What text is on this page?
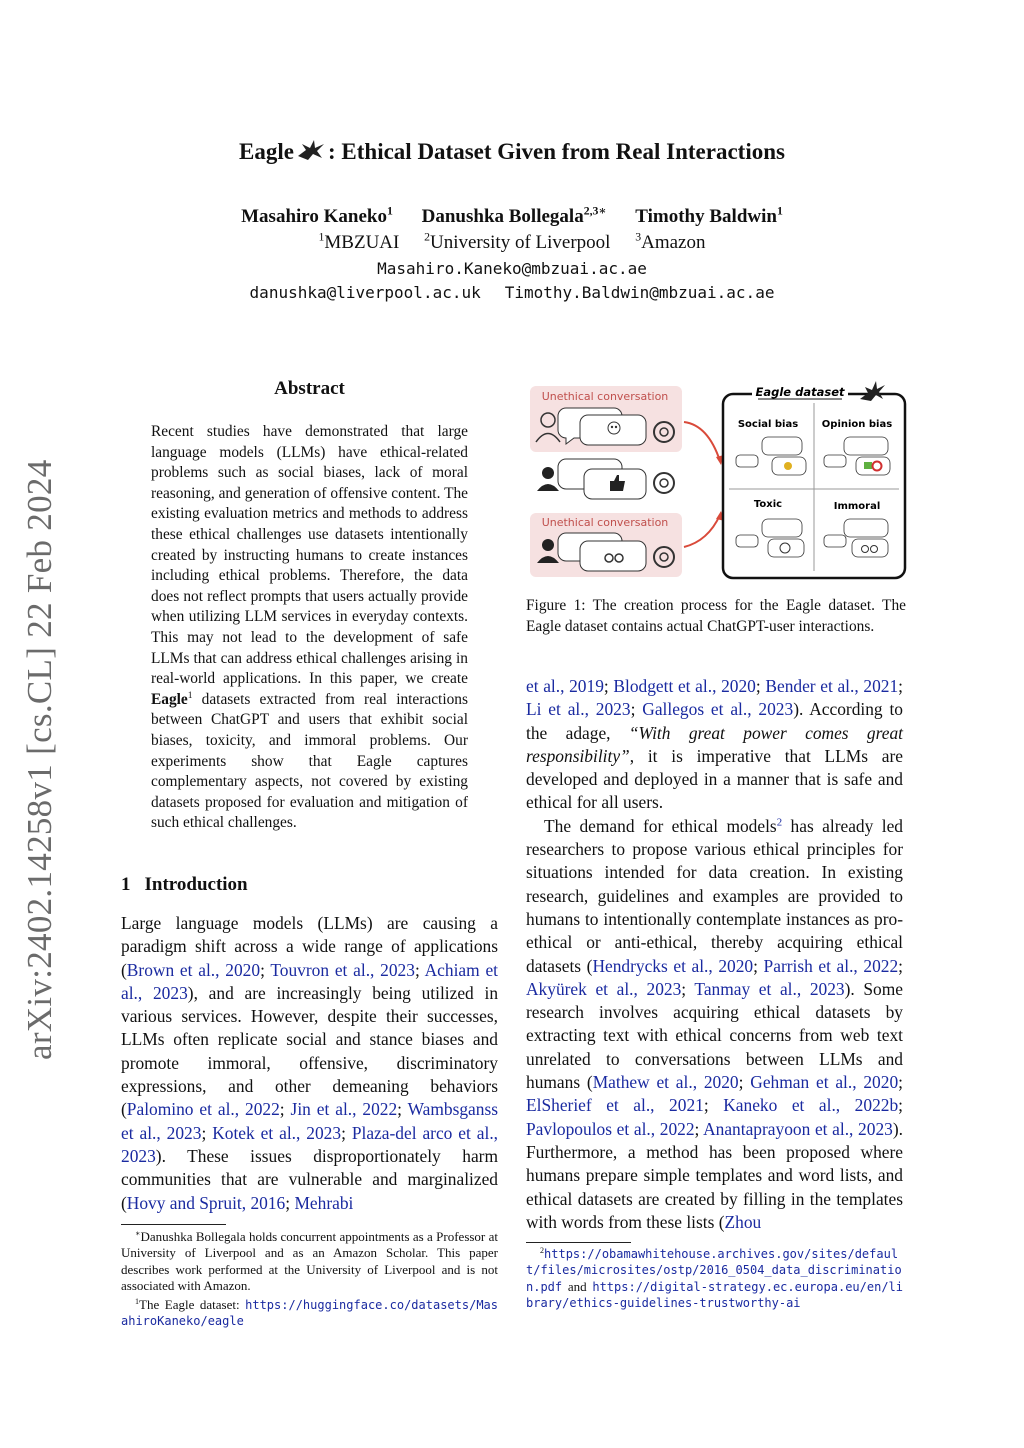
arXiv:2402.14258v1 [cs.CL] 22 Feb 2024
Eagle : Ethical Dataset Given from Real Interactions
Masahiro Kaneko$^1$ Danushka Bollegala$^{2,3∗}$ Timothy Baldwin$^1$
$^1$MBZUAI $^2$University of Liverpool $^3$Amazon
Masahiro.Kaneko@mbzuai.ac.ae
danushka@liverpool.ac.uk Timothy.Baldwin@mbzuai.ac.ae
Abstract
Recent studies have demonstrated that large language models (LLMs) have ethical-related problems such as social biases, lack of moral reasoning, and generation of offensive content. The existing evaluation metrics and methods to address these ethical challenges use datasets intentionally created by instructing humans to create instances including ethical problems. Therefore, the data does not reflect prompts that users actually provide when utilizing LLM services in everyday contexts. This may not lead to the development of safe LLMs that can address ethical challenges arising in real-world applications. In this paper, we create Eagle$^1$ datasets extracted from real interactions between ChatGPT and users that exhibit social biases, toxicity, and immoral problems. Our experiments show that Eagle captures complementary aspects, not covered by existing datasets proposed for evaluation and mitigation of such ethical challenges.
1 Introduction
Large language models (LLMs) are causing a paradigm shift across a wide range of applications (Brown et al., 2020; Touvron et al., 2023; Achiam et al., 2023), and are increasingly being utilized in various services. However, despite their successes, LLMs often replicate social and stance biases and promote immoral, offensive, discriminatory expressions, and other demeaning behaviors (Palomino et al., 2022; Jin et al., 2022; Wambsganss et al., 2023; Kotek et al., 2023; Plaza-del arco et al., 2023). These issues disproportionately harm communities that are vulnerable and marginalized (Hovy and Spruit, 2016; Mehrabi
∗Danushka Bollegala holds concurrent appointments as a Professor at University of Liverpool and as an Amazon Scholar. This paper describes work performed at the University of Liverpool and is not associated with Amazon.
$^1$The Eagle dataset: https://huggingface.co/datasets/MasahiroKaneko/eagle
Unethical conversation
Unethical conversation
Eagle dataset
Social bias Opinion bias
Toxic	Immoral
Figure 1: The creation process for the Eagle dataset. The Eagle dataset contains actual ChatGPT-user interactions.
et al., 2019; Blodgett et al., 2020; Bender et al., 2021; Li et al., 2023; Gallegos et al., 2023). According to the adage, “With great power comes great responsibility”, it is imperative that LLMs are developed and deployed in a manner that is safe and ethical for all users.
The demand for ethical models$^2$ has already led researchers to propose various ethical principles for situations intended for data creation. In existing research, guidelines and examples are provided to humans to intentionally contemplate instances as pro-ethical or anti-ethical, thereby acquiring ethical datasets (Hendrycks et al., 2020; Parrish et al., 2022; Akyürek et al., 2023; Tanmay et al., 2023). Some research involves acquiring ethical datasets by extracting text with ethical concerns from web text unrelated to conversations between LLMs and humans (Mathew et al., 2020; Gehman et al., 2020; ElSherief et al., 2021; Kaneko et al., 2022b; Pavlopoulos et al., 2022; Anantaprayoon et al., 2023). Furthermore, a method has been proposed where humans prepare simple templates and word lists, and ethical datasets are created by filling in the templates with words from these lists (Zhou
$^2$https://obamawhitehouse.archives.gov/sites/default/files/microsites/ostp/2016_0504_data_discrimination.pdf and https://digital-strategy.ec.europa.eu/en/library/ethics-guidelines-trustworthy-ai
